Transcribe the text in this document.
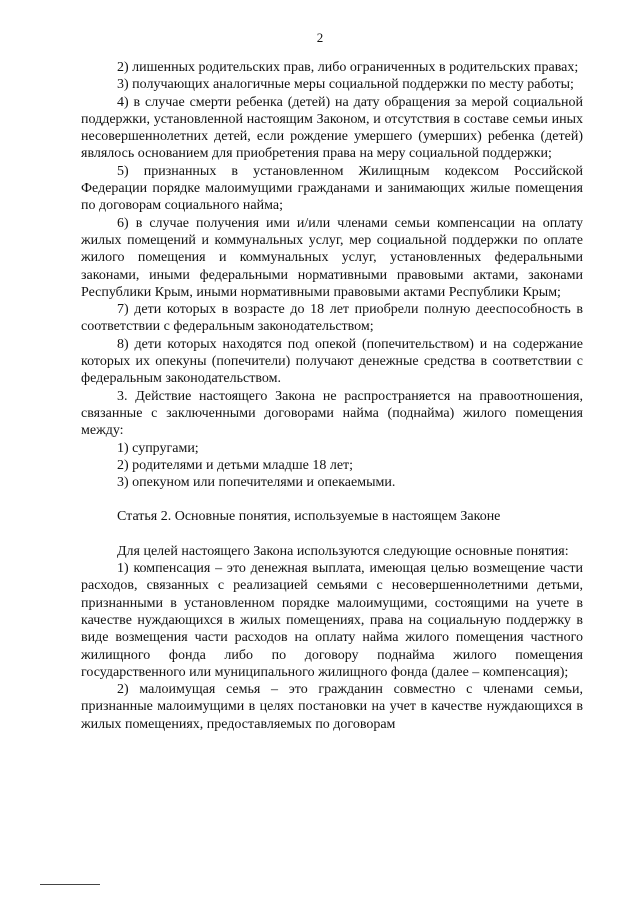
2

2) лишенных родительских прав, либо ограниченных в родительских правах;

3) получающих аналогичные меры социальной поддержки по месту работы;

4) в случае смерти ребенка (детей) на дату обращения за мерой социальной поддержки, установленной настоящим Законом, и отсутствия в составе семьи иных несовершеннолетних детей, если рождение умершего (умерших) ребенка (детей) являлось основанием для приобретения права на меру социальной поддержки;

5) признанных в установленном Жилищным кодексом Российской Федерации порядке малоимущими гражданами и занимающих жилые помещения по договорам социального найма;

6) в случае получения ими и/или членами семьи компенсации на оплату жилых помещений и коммунальных услуг, мер социальной поддержки по оплате жилого помещения и коммунальных услуг, установленных федеральными законами, иными федеральными нормативными правовыми актами, законами Республики Крым, иными нормативными правовыми актами Республики Крым;

7) дети которых в возрасте до 18 лет приобрели полную дееспособность в соответствии с федеральным законодательством;

8) дети которых находятся под опекой (попечительством) и на содержание которых их опекуны (попечители) получают денежные средства в соответствии с федеральным законодательством.

3. Действие настоящего Закона не распространяется на правоотношения, связанные с заключенными договорами найма (поднайма) жилого помещения между:

1) супругами;

2) родителями и детьми младше 18 лет;

3) опекуном или попечителями и опекаемыми.

Статья 2. Основные понятия, используемые в настоящем Законе

Для целей настоящего Закона используются следующие основные понятия:

1) компенсация – это денежная выплата, имеющая целью возмещение части расходов, связанных с реализацией семьями с несовершеннолетними детьми, признанными в установленном порядке малоимущими, состоящими на учете в качестве нуждающихся в жилых помещениях, права на социальную поддержку в виде возмещения части расходов на оплату найма жилого помещения частного жилищного фонда либо по договору поднайма жилого помещения государственного или муниципального жилищного фонда (далее – компенсация);

2) малоимущая семья – это гражданин совместно с членами семьи, признанные малоимущими в целях постановки на учет в качестве нуждающихся в жилых помещениях, предоставляемых по договорам
